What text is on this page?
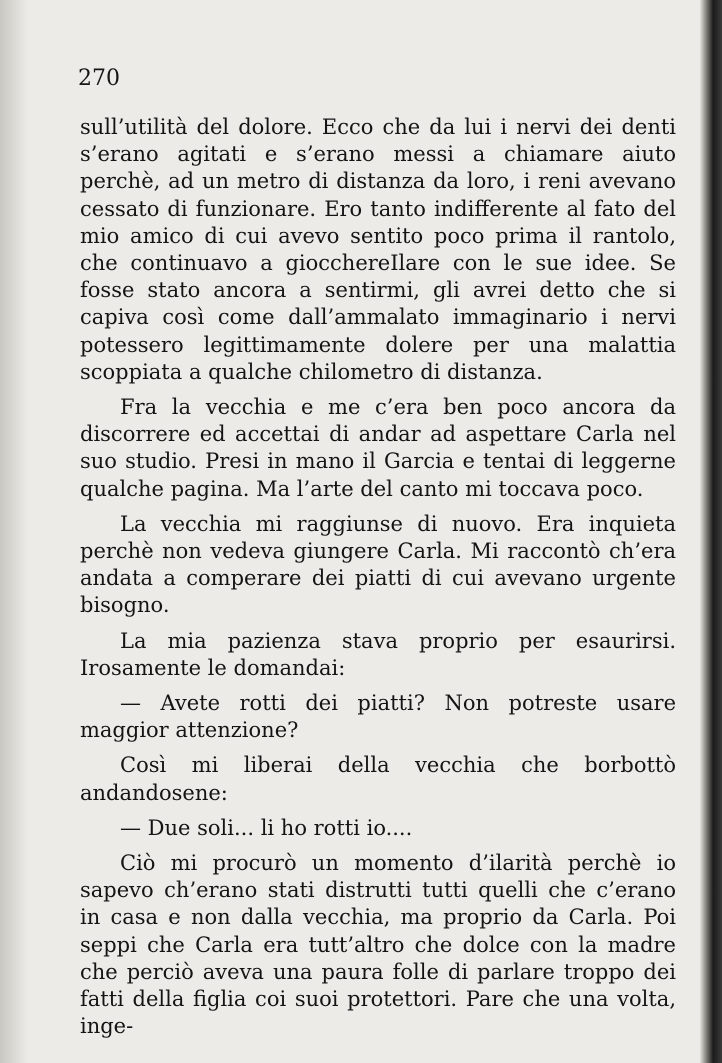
270

sull’utilità del dolore. Ecco che da lui i nervi dei denti s’erano agitati e s’erano messi a chiamare aiuto perchè, ad un metro di distanza da loro, i reni avevano cessato di funzionare. Ero tanto indifferente al fato del mio amico di cui avevo sentito poco prima il rantolo, che continuavo a giocchereIlare con le sue idee. Se fosse stato ancora a sentirmi, gli avrei detto che si capiva così come dall’ammalato immaginario i nervi potessero legittimamente dolere per una malattia scoppiata a qualche chilometro di distanza.

Fra la vecchia e me c’era ben poco ancora da discorrere ed accettai di andar ad aspettare Carla nel suo studio. Presi in mano il Garcia e tentai di leggerne qualche pagina. Ma l’arte del canto mi toccava poco.

La vecchia mi raggiunse di nuovo. Era inquieta perchè non vedeva giungere Carla. Mi raccontò ch’era andata a comperare dei piatti di cui avevano urgente bisogno.

La mia pazienza stava proprio per esaurirsi. Irosamente le domandai:

— Avete rotti dei piatti? Non potreste usare maggior attenzione?

Così mi liberai della vecchia che borbottò andandosene:

— Due soli... li ho rotti io....

Ciò mi procurò un momento d’ilarità perchè io sapevo ch’erano stati distrutti tutti quelli che c’erano in casa e non dalla vecchia, ma proprio da Carla. Poi seppi che Carla era tutt’altro che dolce con la madre che perciò aveva una paura folle di parlare troppo dei fatti della figlia coi suoi protettori. Pare che una volta, inge-
